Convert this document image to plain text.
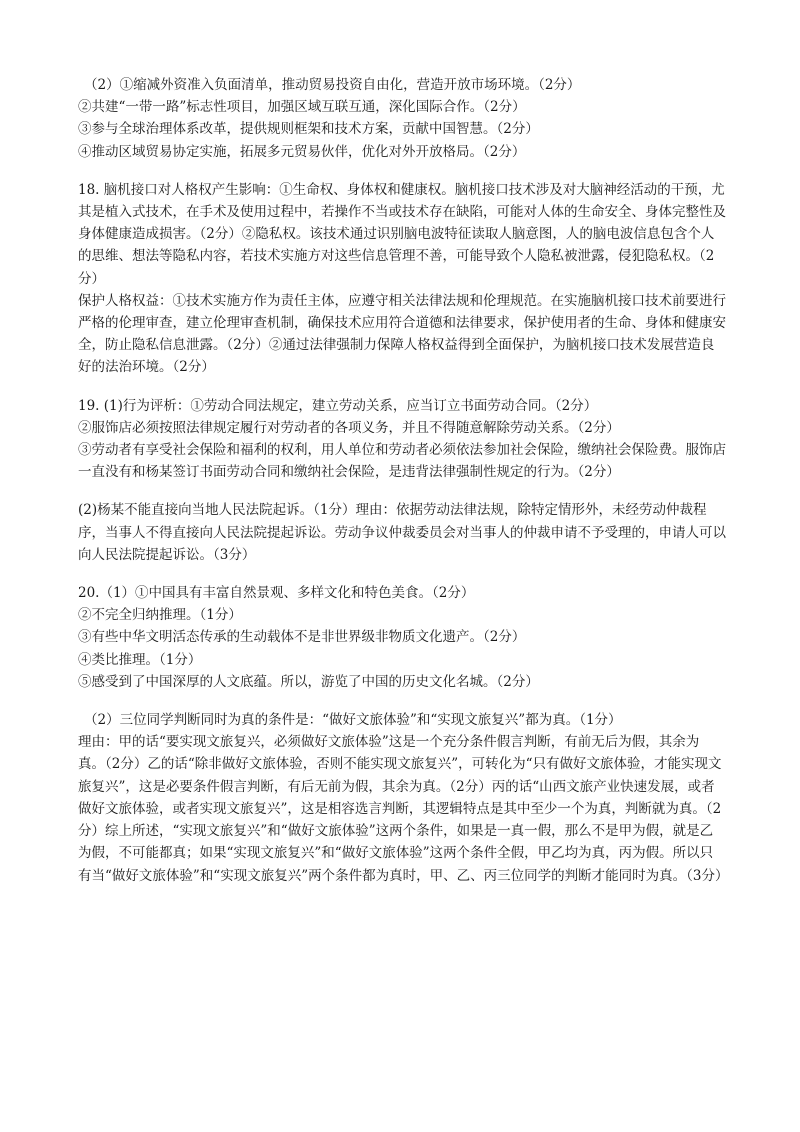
（2）①缩减外资准入负面清单，推动贸易投资自由化，营造开放市场环境。（2分）
②共建“一带一路”标志性项目，加强区域互联互通，深化国际合作。（2分）
③参与全球治理体系改革，提供规则框架和技术方案，贡献中国智慧。（2分）
④推动区域贸易协定实施，拓展多元贸易伙伴，优化对外开放格局。（2分）
18. 脑机接口对人格权产生影响：①生命权、身体权和健康权。脑机接口技术涉及对大脑神经活动的干预，尤其是植入式技术，在手术及使用过程中，若操作不当或技术存在缺陷，可能对人体的生命安全、身体完整性及身体健康造成损害。（2分）②隐私权。该技术通过识别脑电波特征读取人脑意图，人的脑电波信息包含个人的思维、想法等隐私内容，若技术实施方对这些信息管理不善，可能导致个人隐私被泄露，侵犯隐私权。（2分）
保护人格权益：①技术实施方作为责任主体，应遵守相关法律法规和伦理规范。在实施脑机接口技术前要进行严格的伦理审查，建立伦理审查机制，确保技术应用符合道德和法律要求，保护使用者的生命、身体和健康安全，防止隐私信息泄露。（2分）②通过法律强制力保障人格权益得到全面保护，为脑机接口技术发展营造良好的法治环境。（2分）
19. (1)行为评析：①劳动合同法规定，建立劳动关系，应当订立书面劳动合同。（2分）
②服饰店必须按照法律规定履行对劳动者的各项义务，并且不得随意解除劳动关系。（2分）
③劳动者有享受社会保险和福利的权利，用人单位和劳动者必须依法参加社会保险，缴纳社会保险费。服饰店一直没有和杨某签订书面劳动合同和缴纳社会保险，是违背法律强制性规定的行为。（2分）
(2)杨某不能直接向当地人民法院起诉。（1分）理由：依据劳动法律法规，除特定情形外，未经劳动仲裁程序，当事人不得直接向人民法院提起诉讼。劳动争议仲裁委员会对当事人的仲裁申请不予受理的，申请人可以向人民法院提起诉讼。（3分）
20.（1）①中国具有丰富自然景观、多样文化和特色美食。（2分）
②不完全归纳推理。（1分）
③有些中华文明活态传承的生动载体不是非世界级非物质文化遗产。（2分）
④类比推理。（1分）
⑤感受到了中国深厚的人文底蕴。所以，游览了中国的历史文化名城。（2分）
（2）三位同学判断同时为真的条件是：“做好文旅体验”和“实现文旅复兴”都为真。（1分）
理由：甲的话“要实现文旅复兴，必须做好文旅体验”这是一个充分条件假言判断，有前无后为假，其余为真。（2分）乙的话“除非做好文旅体验，否则不能实现文旅复兴”，可转化为“只有做好文旅体验，才能实现文旅复兴”，这是必要条件假言判断，有后无前为假，其余为真。（2分）丙的话“山西文旅产业快速发展，或者做好文旅体验，或者实现文旅复兴”，这是相容选言判断，其逻辑特点是其中至少一个为真，判断就为真。（2分）综上所述，“实现文旅复兴”和“做好文旅体验”这两个条件，如果是一真一假，那么不是甲为假，就是乙为假，不可能都真；如果“实现文旅复兴”和“做好文旅体验”这两个条件全假，甲乙均为真，丙为假。所以只有当“做好文旅体验”和“实现文旅复兴”两个条件都为真时，甲、乙、丙三位同学的判断才能同时为真。（3分）
